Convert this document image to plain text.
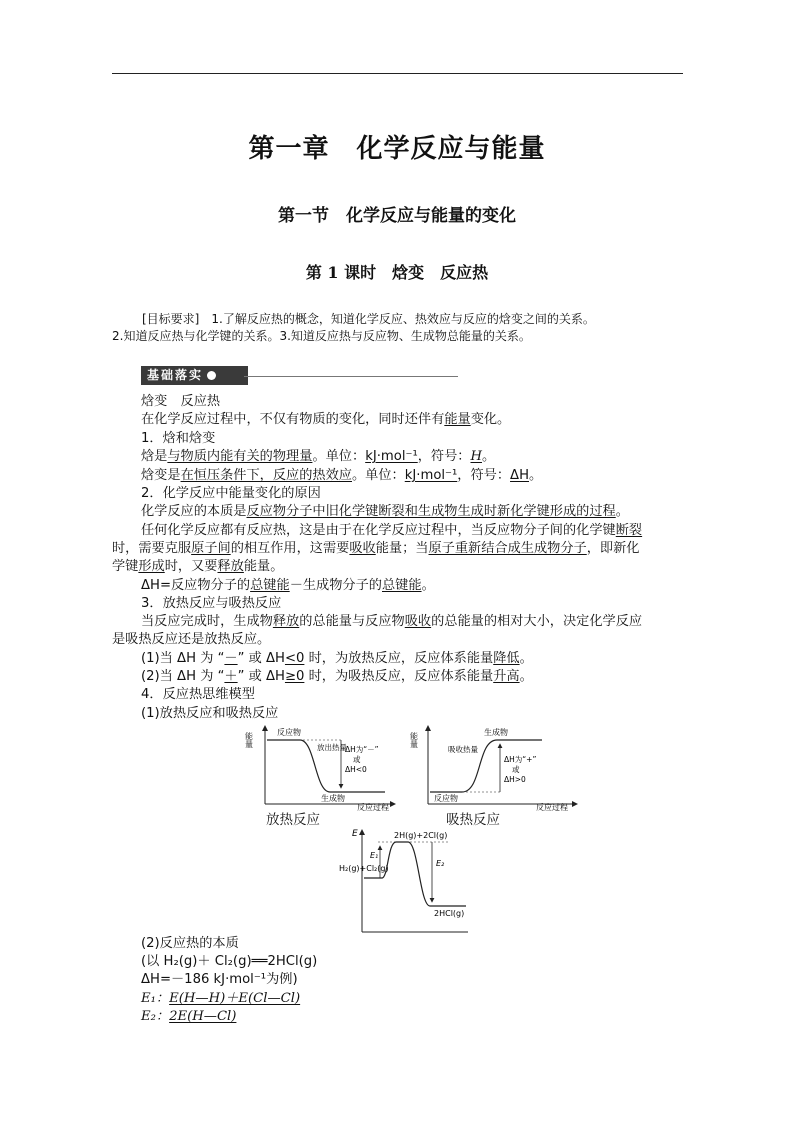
第一章　化学反应与能量
第一节　化学反应与能量的变化
第 1 课时　焓变　反应热
[目标要求]　 1.了解反应热的概念，知道化学反应、热效应与反应的焓变之间的关系。
2.知道反应热与化学键的关系。3.知道反应热与反应物、生成物总能量的关系。
基础落实
焓变　反应热
在化学反应过程中，不仅有物质的变化，同时还伴有能量变化。
1．焓和焓变
焓是与物质内能有关的物理量。单位：kJ·mol⁻¹，符号：H。
焓变是在恒压条件下，反应的热效应。单位：kJ·mol⁻¹，符号：ΔH。
2．化学反应中能量变化的原因
化学反应的本质是反应物分子中旧化学键断裂和生成物生成时新化学键形成的过程。
任何化学反应都有反应热，这是由于在化学反应过程中，当反应物分子间的化学键断裂
时，需要克服原子间的相互作用，这需要吸收能量；当原子重新结合成生成物分子，即新化
学键形成时，又要释放能量。
ΔH=反应物分子的总键能－生成物分子的总键能。
3．放热反应与吸热反应
当反应完成时，生成物释放的总能量与反应物吸收的总能量的相对大小，决定化学反应
是吸热反应还是放热反应。
(1)当 ΔH 为 “－” 或 ΔH<0 时，为放热反应，反应体系能量降低。
(2)当 ΔH 为 “＋” 或 ΔH≥0 时，为吸热反应，反应体系能量升高。
4．反应热思维模型
(1)放热反应和吸热反应
能量	反应物
放出热量
ΔH为“－”
或
ΔH<0
生成物
反应过程
能量	生成物
吸收热量
ΔH为“+”
或
ΔH>0
反应物
反应过程
放热反应	吸热反应
E	2H(g)+2Cl(g)
H₂(g)+Cl₂(g)
E₁
E₂
2HCl(g)
(2)反应热的本质
(以 H₂(g)＋ Cl₂(g)══2HCl(g)
ΔH=－186 kJ·mol⁻¹为例)
E₁：E(H—H)＋E(Cl—Cl)
E₂：2E(H—Cl)
